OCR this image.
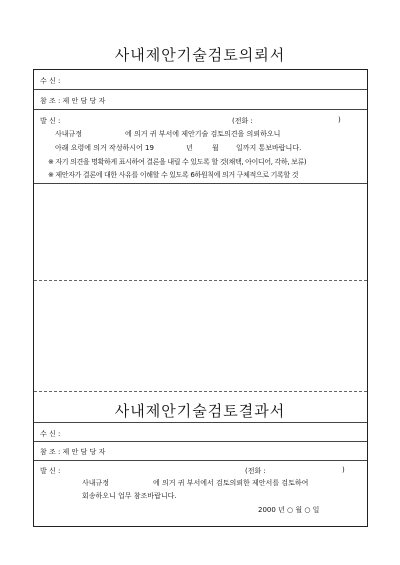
사내제안기술검토의뢰서
수 신 :
참 조 : 제 안 담 당 자
발 신 :	(전화 :	)
사내규정	에 의거 귀 부서에 제안기술 검토의견을 의뢰하오니
아래 요령에 의거 작성하시어 19	년	월 일까지 통보바랍니다.
※ 자기 의견을 명확하게 표시하여 결론을 내릴 수 있도록 할 것(채택, 아이디어, 각하, 보류)
※ 제안자가 결론에 대한 사유를 이해할 수 있도록 6하원칙에 의거 구체적으로 기록할 것
사내제안기술검토결과서
수 신 :
참 조 : 제 안 담 당 자
발 신 :	(전화 :	)
사내규정	에 의거 귀 부서에서 검토의뢰한 제안서를 검토하여
회송하오니 업무 참조바랍니다.
2000 년 ○ 월 ○ 일
